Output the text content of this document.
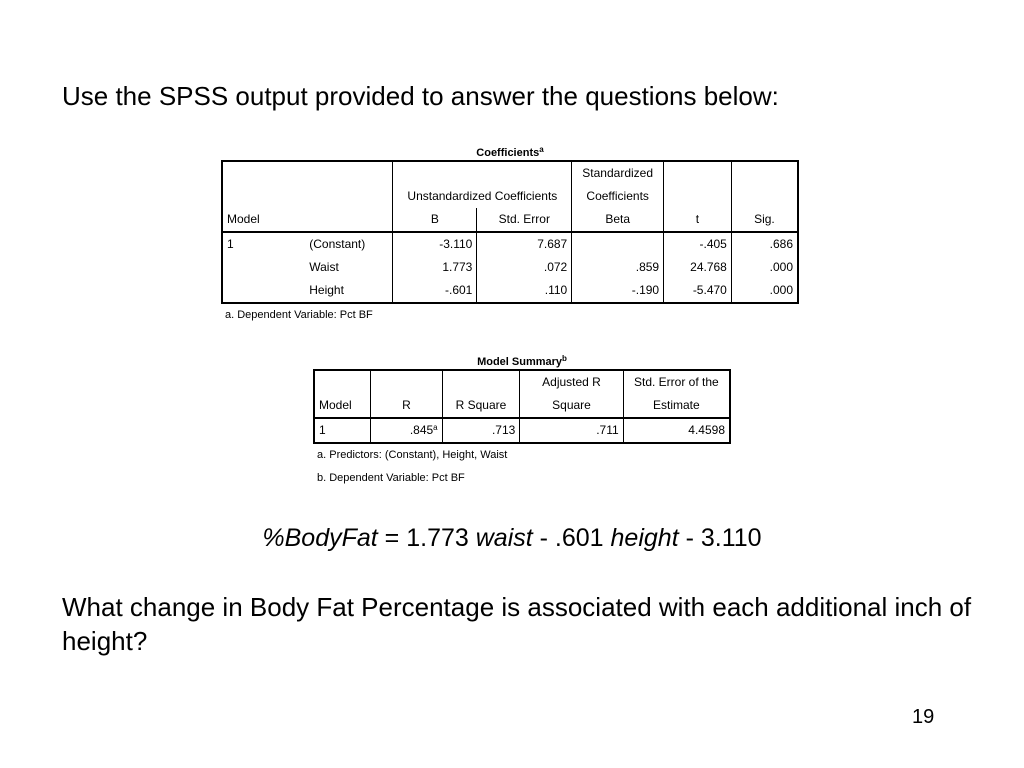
Use the SPSS output provided to answer the questions below:
Coefficients$^a$
		Unstandardized Coefficients		Standardized		
				Coefficients		
Model		B	Std. Error	Beta	t	Sig.
1	(Constant)	-3.110	7.687		-.405	.686
	Waist	1.773	.072	.859	24.768	.000
	Height	-.601	.110	-.190	-5.470	.000
a. Dependent Variable: Pct BF
Model Summary$^b$
			Adjusted R	Std. Error of the
Model	R	R Square	Square	Estimate
1	.845$^a$	.713	.711	4.4598
a. Predictors: (Constant), Height, Waist
b. Dependent Variable: Pct BF
%BodyFat = 1.773 waist - .601 height - 3.110
What change in Body Fat Percentage is associated with each additional inch of height?
19
